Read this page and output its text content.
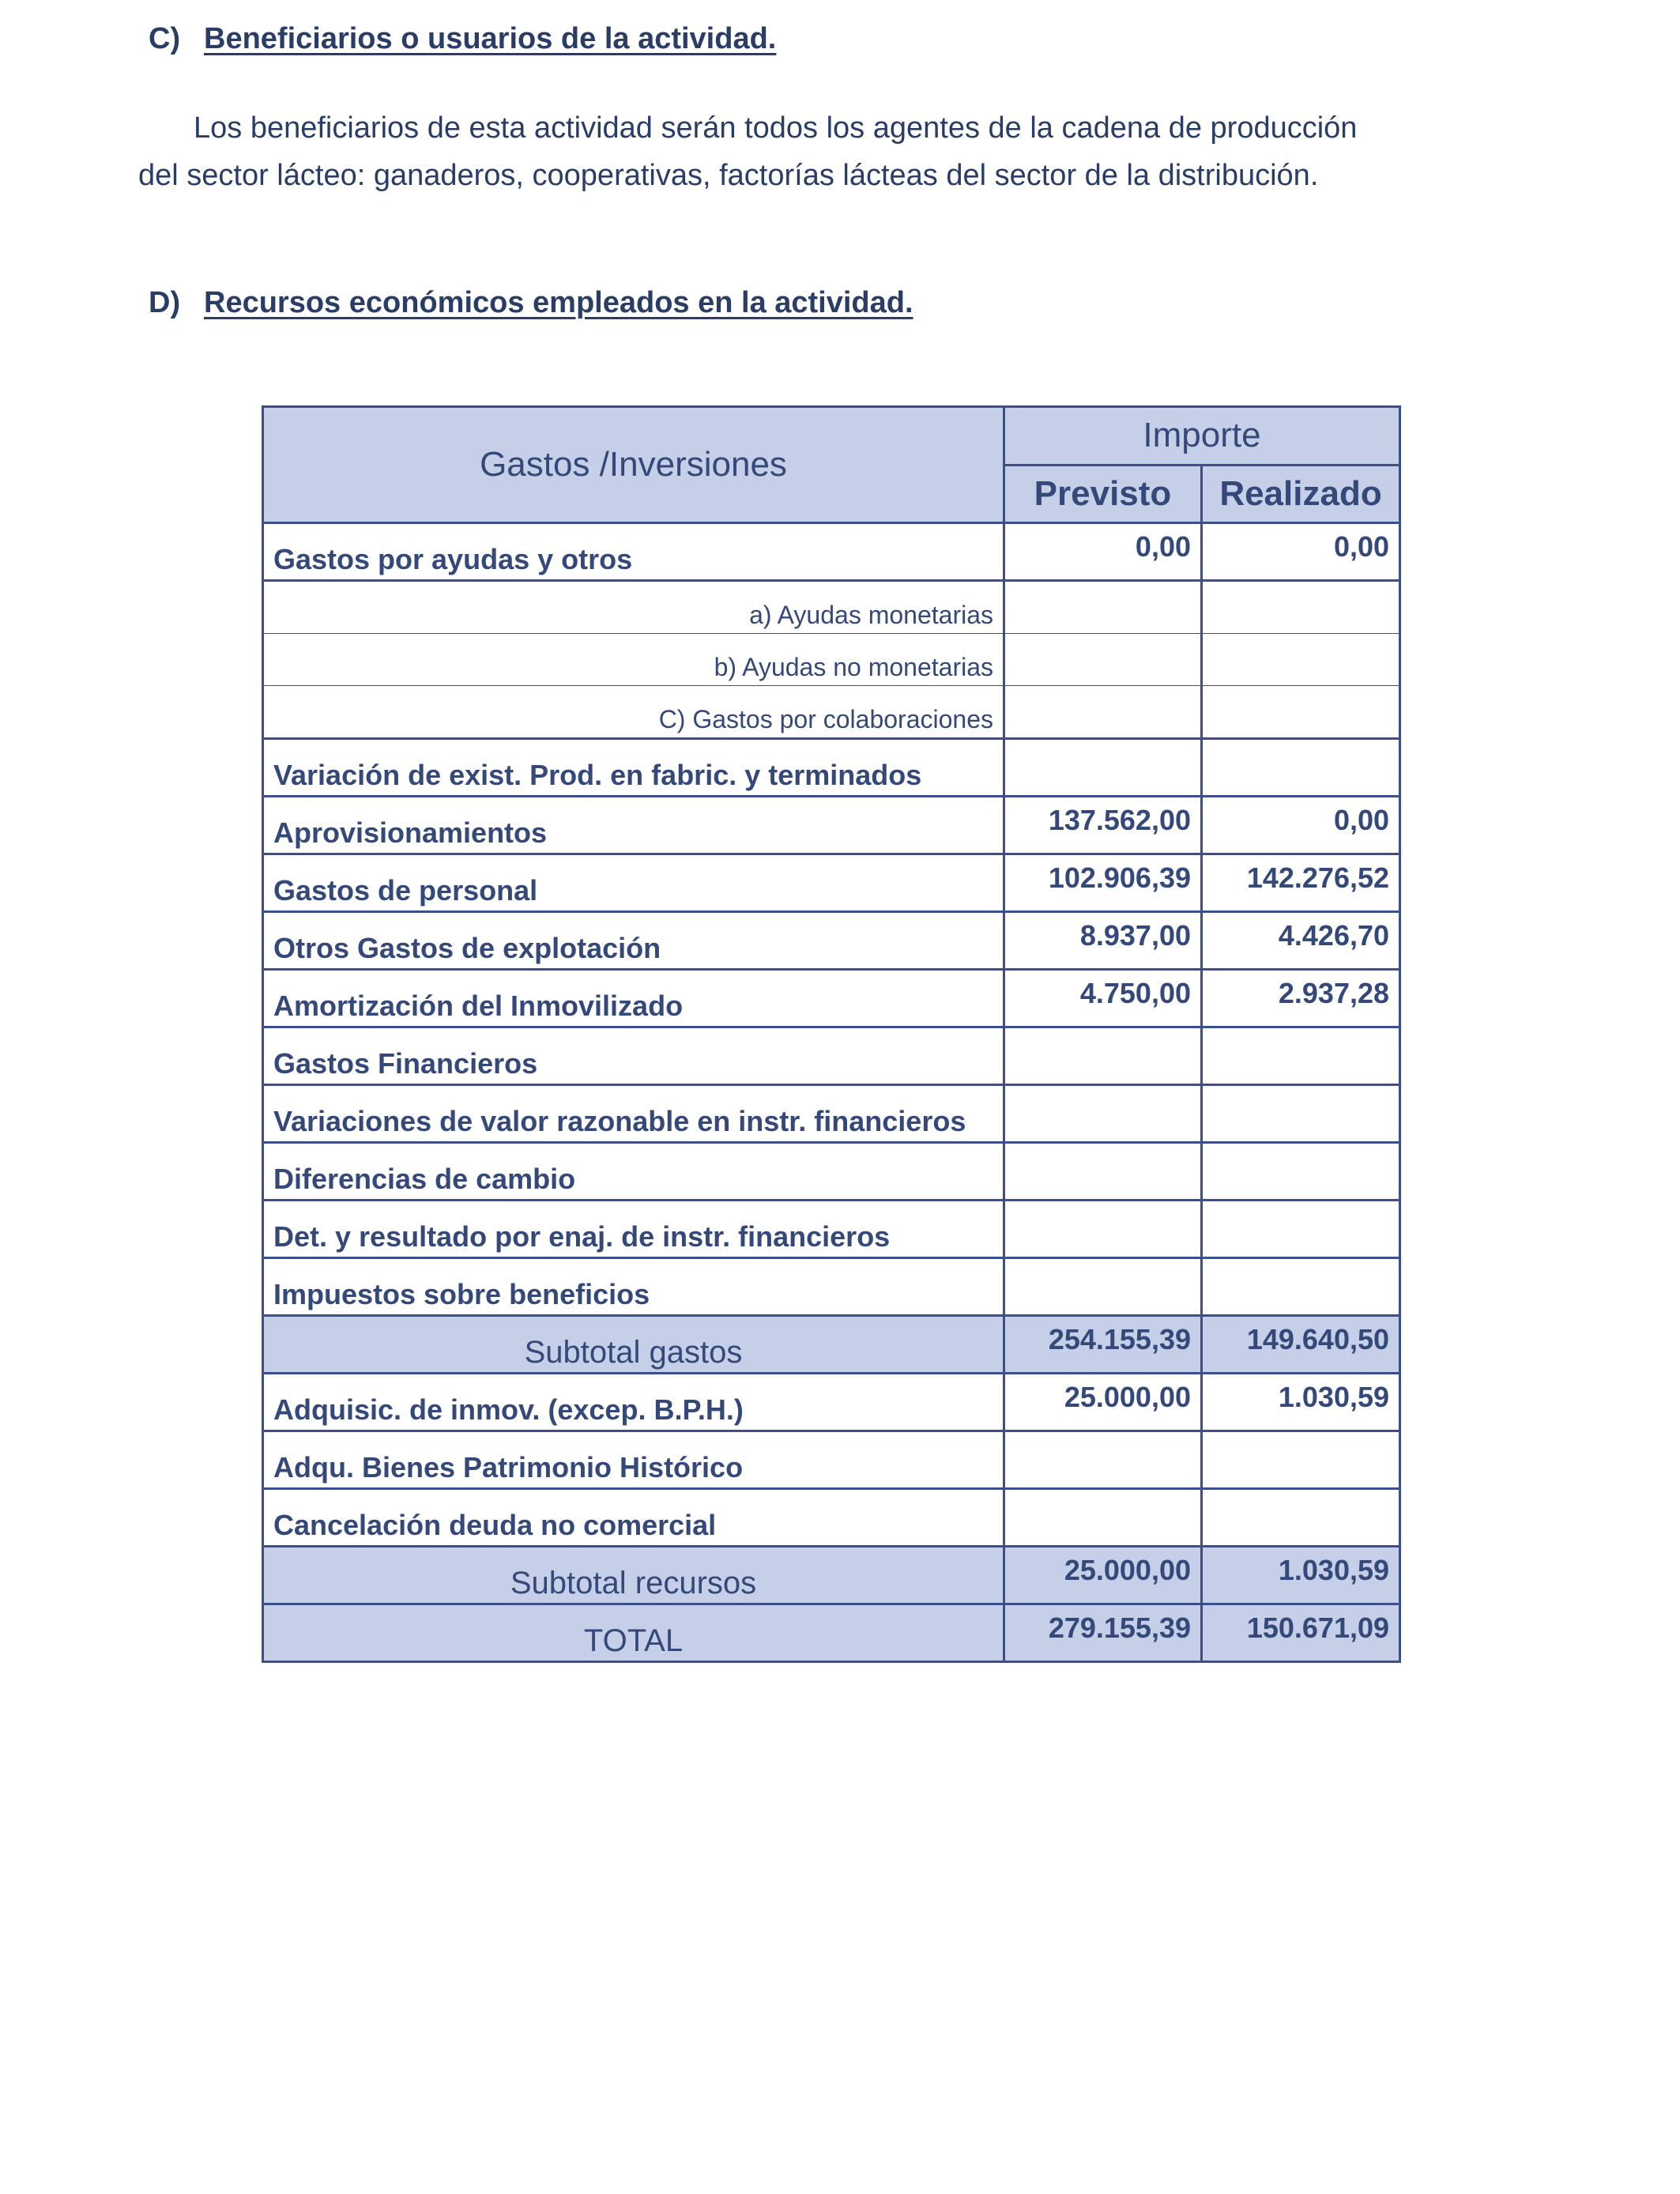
C) Beneficiarios o usuarios de la actividad.
Los beneficiarios de esta actividad serán todos los agentes de la cadena de producción
del sector lácteo: ganaderos, cooperativas, factorías lácteas del sector de la distribución.
D) Recursos económicos empleados en la actividad.
Gastos /Inversiones	Importe	
	Previsto	Realizado
Gastos por ayudas y otros	0,00	0,00
a) Ayudas monetarias		
b) Ayudas no monetarias		
C) Gastos por colaboraciones		
Variación de exist. Prod. en fabric. y terminados		
Aprovisionamientos	137.562,00	0,00
Gastos de personal	102.906,39	142.276,52
Otros Gastos de explotación	8.937,00	4.426,70
Amortización del Inmovilizado	4.750,00	2.937,28
Gastos Financieros		
Variaciones de valor razonable en instr. financieros		
Diferencias de cambio		
Det. y resultado por enaj. de instr. financieros		
Impuestos sobre beneficios		
Subtotal gastos	254.155,39	149.640,50
Adquisic. de inmov. (excep. B.P.H.)	25.000,00	1.030,59
Adqu. Bienes Patrimonio Histórico		
Cancelación deuda no comercial		
Subtotal recursos	25.000,00	1.030,59
TOTAL	279.155,39	150.671,09
